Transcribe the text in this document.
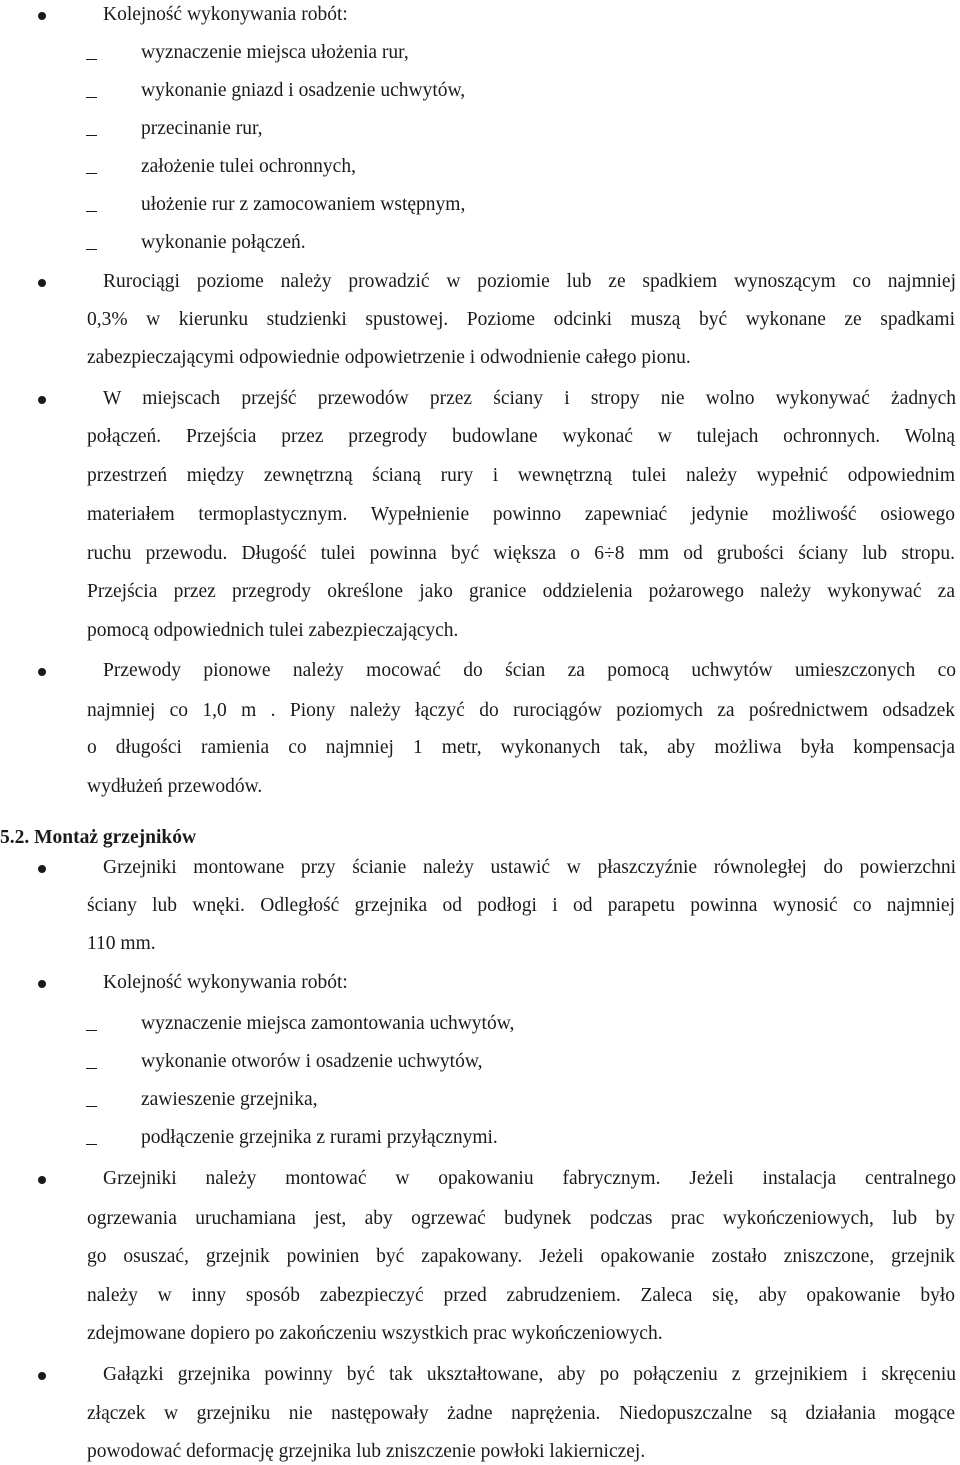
Kolejność wykonywania robót:
wyznaczenie miejsca ułożenia rur,
wykonanie gniazd i osadzenie uchwytów,
przecinanie rur,
założenie tulei ochronnych,
ułożenie rur z zamocowaniem wstępnym,
wykonanie połączeń.
Rurociągi poziome należy prowadzić w poziomie lub ze spadkiem wynoszącym co najmniej
0,3% w kierunku studzienki spustowej. Poziome odcinki muszą być wykonane ze spadkami
zabezpieczającymi odpowiednie odpowietrzenie i odwodnienie całego pionu.
W miejscach przejść przewodów przez ściany i stropy nie wolno wykonywać żadnych
połączeń. Przejścia przez przegrody budowlane wykonać w tulejach ochronnych. Wolną
przestrzeń między zewnętrzną ścianą rury i wewnętrzną tulei należy wypełnić odpowiednim
materiałem termoplastycznym. Wypełnienie powinno zapewniać jedynie możliwość osiowego
ruchu przewodu. Długość tulei powinna być większa o 6÷8 mm od grubości ściany lub stropu.
Przejścia przez przegrody określone jako granice oddzielenia pożarowego należy wykonywać za
pomocą odpowiednich tulei zabezpieczających.
Przewody pionowe należy mocować do ścian za pomocą uchwytów umieszczonych co
najmniej co 1,0 m . Piony należy łączyć do rurociągów poziomych za pośrednictwem odsadzek
o długości ramienia co najmniej 1 metr, wykonanych tak, aby możliwa była kompensacja
wydłużeń przewodów.
5.2. Montaż grzejników
Grzejniki montowane przy ścianie należy ustawić w płaszczyźnie równoległej do powierzchni
ściany lub wnęki. Odległość grzejnika od podłogi i od parapetu powinna wynosić co najmniej
110 mm.
Kolejność wykonywania robót:
wyznaczenie miejsca zamontowania uchwytów,
wykonanie otworów i osadzenie uchwytów,
zawieszenie grzejnika,
podłączenie grzejnika z rurami przyłącznymi.
Grzejniki należy montować w opakowaniu fabrycznym. Jeżeli instalacja centralnego
ogrzewania uruchamiana jest, aby ogrzewać budynek podczas prac wykończeniowych, lub by
go osuszać, grzejnik powinien być zapakowany. Jeżeli opakowanie zostało zniszczone, grzejnik
należy w inny sposób zabezpieczyć przed zabrudzeniem. Zaleca się, aby opakowanie było
zdejmowane dopiero po zakończeniu wszystkich prac wykończeniowych.
Gałązki grzejnika powinny być tak ukształtowane, aby po połączeniu z grzejnikiem i skręceniu
złączek w grzejniku nie następowały żadne naprężenia. Niedopuszczalne są działania mogące
powodować deformację grzejnika lub zniszczenie powłoki lakierniczej.
